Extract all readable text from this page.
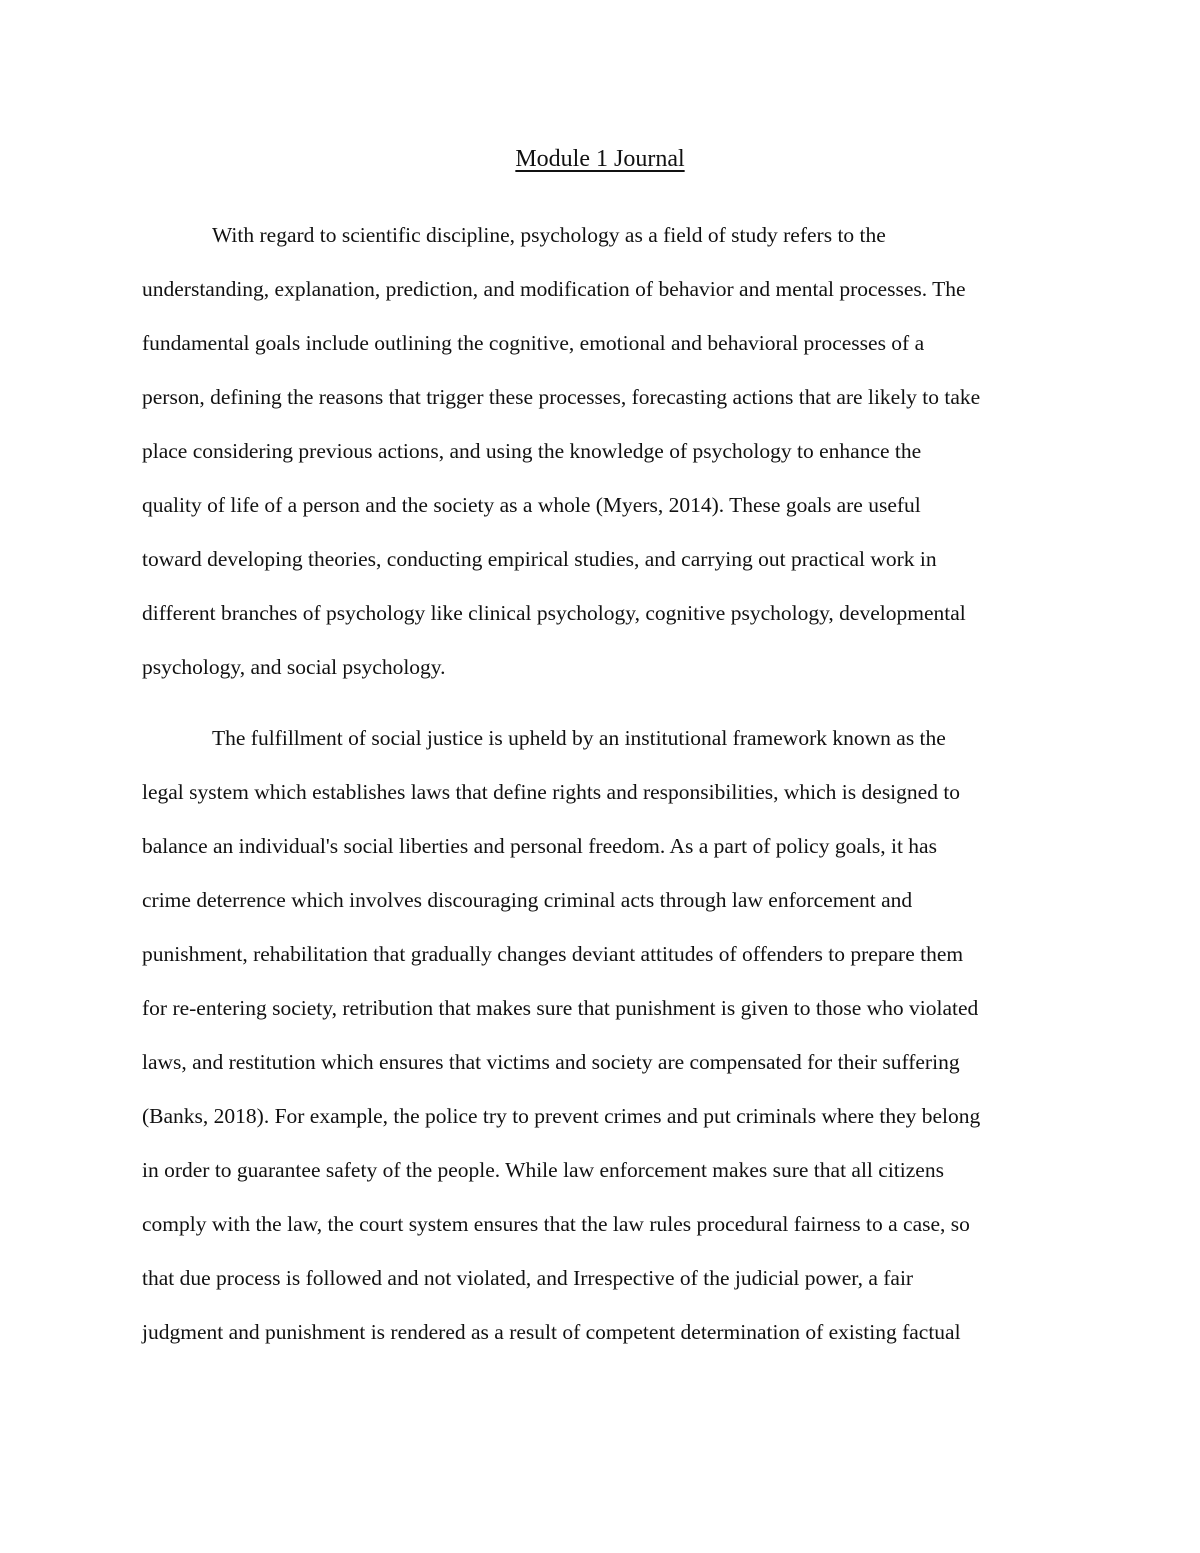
Module 1 Journal
With regard to scientific discipline, psychology as a field of study refers to the
understanding, explanation, prediction, and modification of behavior and mental processes. The
fundamental goals include outlining the cognitive, emotional and behavioral processes of a
person, defining the reasons that trigger these processes, forecasting actions that are likely to take
place considering previous actions, and using the knowledge of psychology to enhance the
quality of life of a person and the society as a whole (Myers, 2014). These goals are useful
toward developing theories, conducting empirical studies, and carrying out practical work in
different branches of psychology like clinical psychology, cognitive psychology, developmental
psychology, and social psychology.
The fulfillment of social justice is upheld by an institutional framework known as the
legal system which establishes laws that define rights and responsibilities, which is designed to
balance an individual's social liberties and personal freedom. As a part of policy goals, it has
crime deterrence which involves discouraging criminal acts through law enforcement and
punishment, rehabilitation that gradually changes deviant attitudes of offenders to prepare them
for re-entering society, retribution that makes sure that punishment is given to those who violated
laws, and restitution which ensures that victims and society are compensated for their suffering
(Banks, 2018). For example, the police try to prevent crimes and put criminals where they belong
in order to guarantee safety of the people. While law enforcement makes sure that all citizens
comply with the law, the court system ensures that the law rules procedural fairness to a case, so
that due process is followed and not violated, and Irrespective of the judicial power, a fair
judgment and punishment is rendered as a result of competent determination of existing factual
